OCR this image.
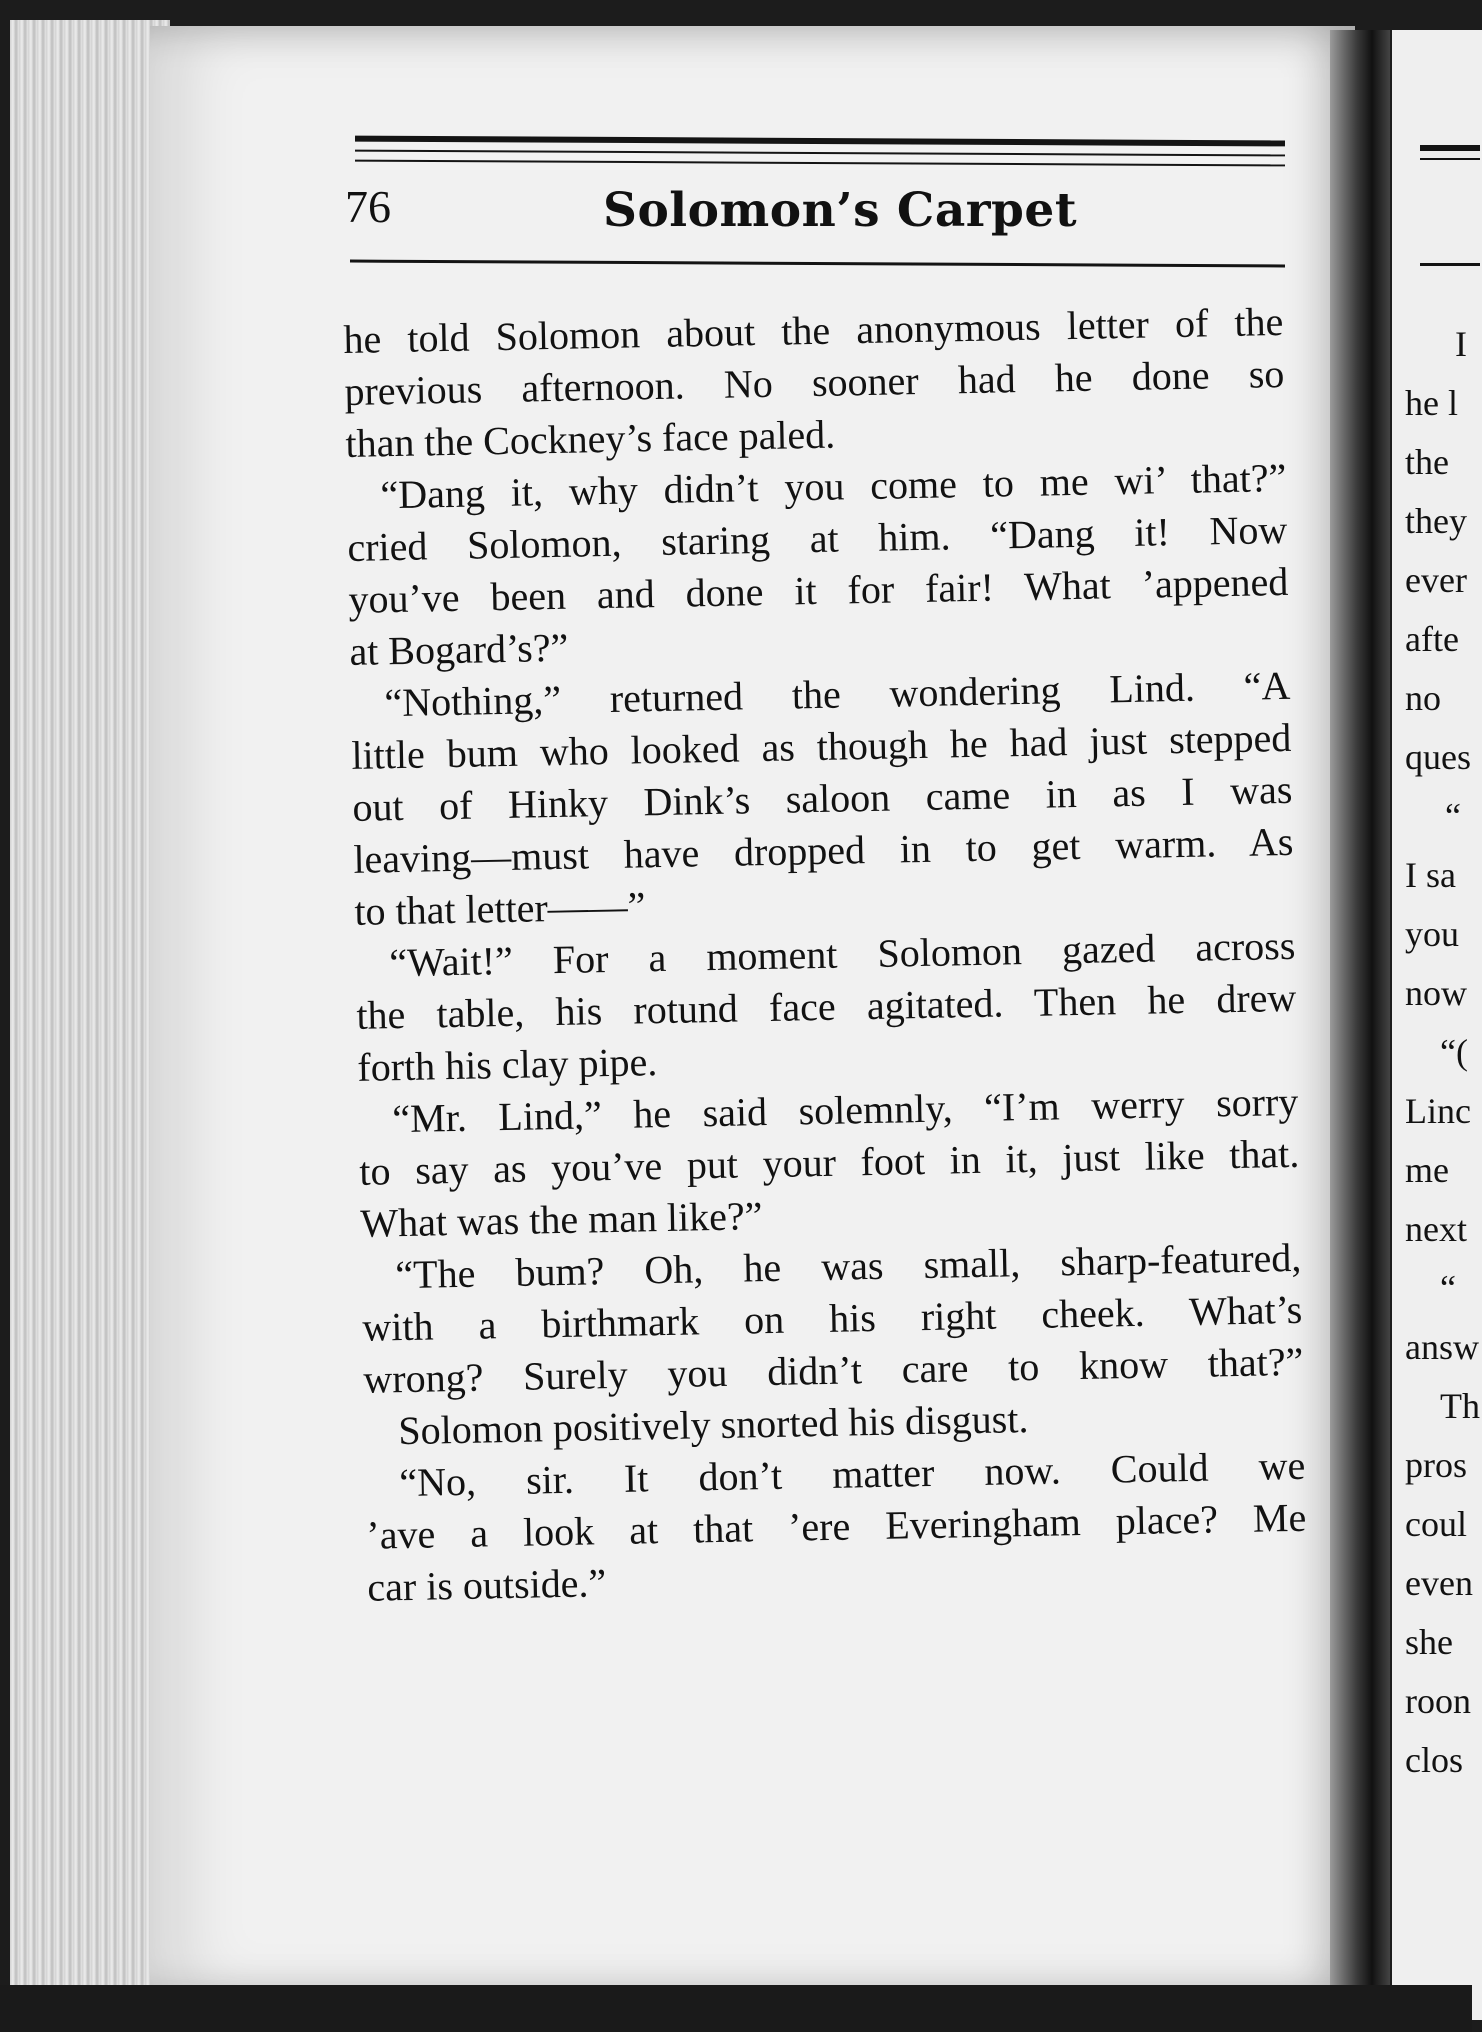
76	Solomon’s Carpet
he told Solomon about the anonymous letter of the
previous afternoon. No sooner had he done so
than the Cockney’s face paled.
“Dang it, why didn’t you come to me wi’ that?”
cried Solomon, staring at him. “Dang it! Now
you’ve been and done it for fair! What ’appened
at Bogard’s?”
“Nothing,” returned the wondering Lind. “A
little bum who looked as though he had just stepped
out of Hinky Dink’s saloon came in as I was
leaving—must have dropped in to get warm. As
to that letter——”
“Wait!” For a moment Solomon gazed across
the table, his rotund face agitated. Then he drew
forth his clay pipe.
“Mr. Lind,” he said solemnly, “I’m werry sorry
to say as you’ve put your foot in it, just like that.
What was the man like?”
“The bum? Oh, he was small, sharp-featured,
with a birthmark on his right cheek. What’s
wrong? Surely you didn’t care to know that?”
Solomon positively snorted his disgust.
“No, sir. It don’t matter now. Could we
’ave a look at that ’ere Everingham place? Me
car is outside.”
I
he l
the
they
ever
afte
no
ques
“
I sa
you
now
“(
Linc
me
next
“
answ
Th
pros
coul
even
she
roon
clos
